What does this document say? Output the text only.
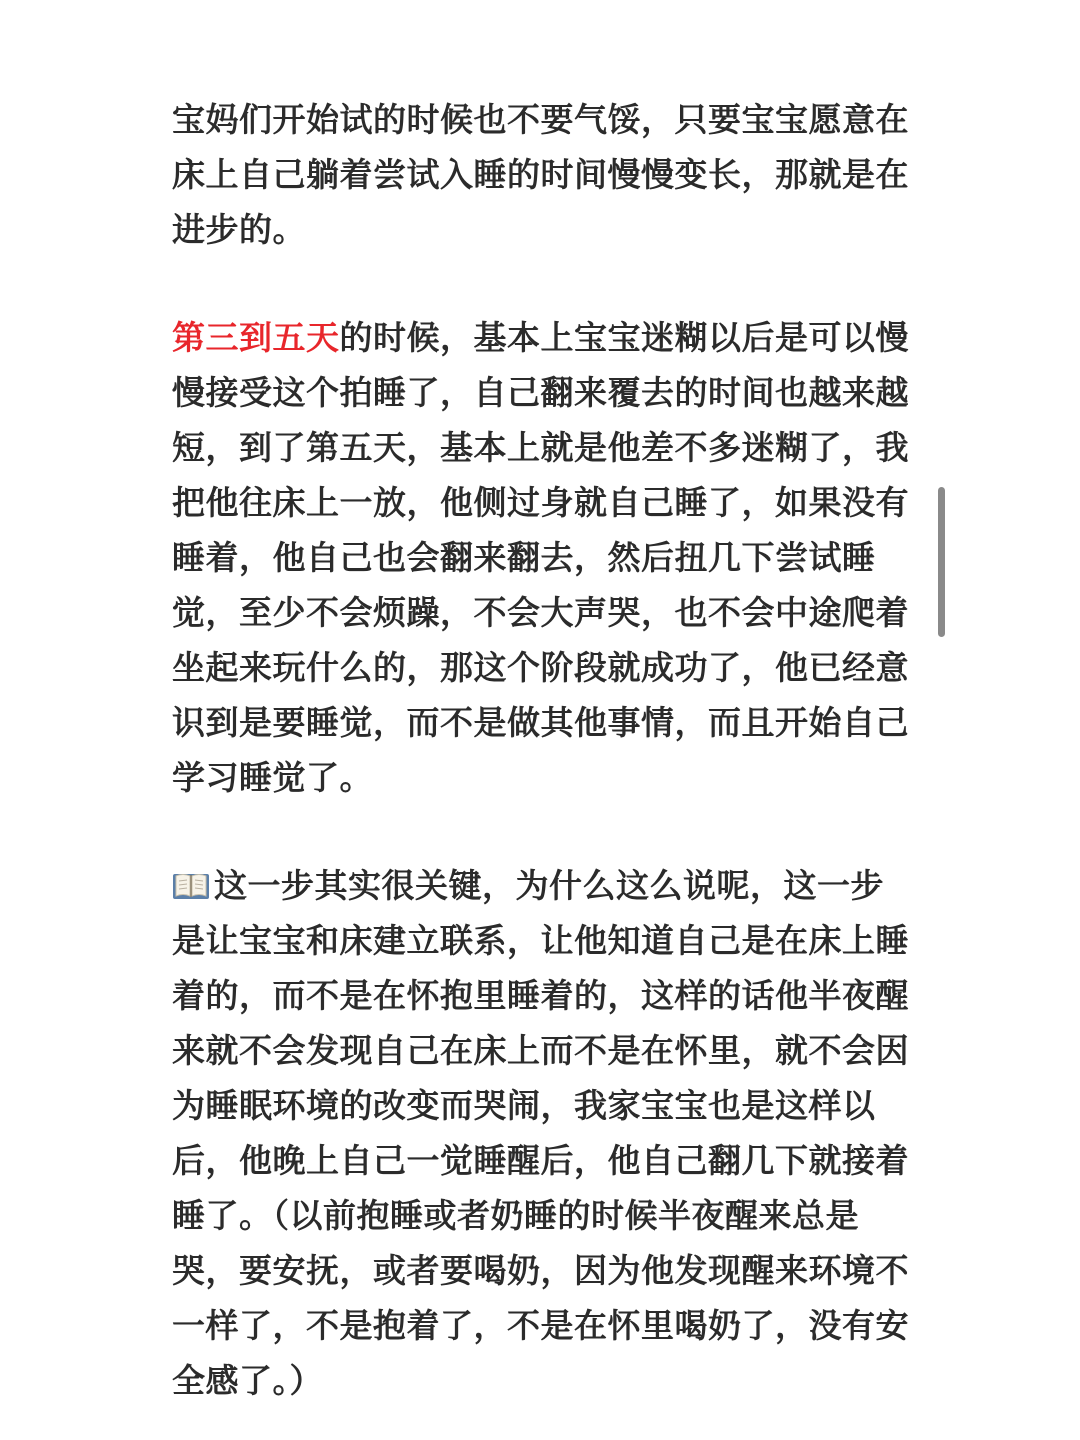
宝妈们开始试的时候也不要气馁，只要宝宝愿意在床上自己躺着尝试入睡的时间慢慢变长，那就是在进步的。

第三到五天的时候，基本上宝宝迷糊以后是可以慢慢接受这个拍睡了，自己翻来覆去的时间也越来越短，到了第五天，基本上就是他差不多迷糊了，我把他往床上一放，他侧过身就自己睡了，如果没有睡着，他自己也会翻来翻去，然后扭几下尝试睡觉，至少不会烦躁，不会大声哭，也不会中途爬着坐起来玩什么的，那这个阶段就成功了，他已经意识到是要睡觉，而不是做其他事情，而且开始自己学习睡觉了。

这一步其实很关键，为什么这么说呢，这一步是让宝宝和床建立联系，让他知道自己是在床上睡着的，而不是在怀抱里睡着的，这样的话他半夜醒来就不会发现自己在床上而不是在怀里，就不会因为睡眠环境的改变而哭闹，我家宝宝也是这样以后，他晚上自己一觉睡醒后，他自己翻几下就接着睡了。（以前抱睡或者奶睡的时候半夜醒来总是哭，要安抚，或者要喝奶，因为他发现醒来环境不一样了，不是抱着了，不是在怀里喝奶了，没有安全感了。）
